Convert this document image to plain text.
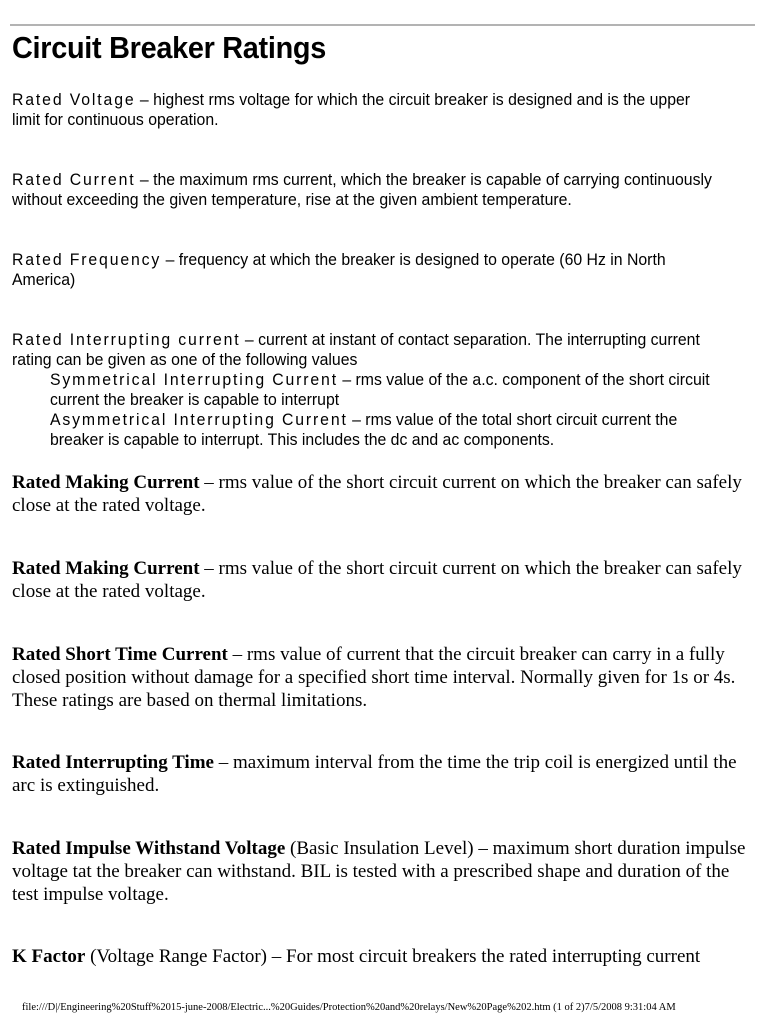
Circuit Breaker Ratings
Rated Voltage – highest rms voltage for which the circuit breaker is designed and is the upper limit for continuous operation.
Rated Current – the maximum rms current, which the breaker is capable of carrying continuously without exceeding the given temperature, rise at the given ambient temperature.
Rated Frequency – frequency at which the breaker is designed to operate (60 Hz in North America)
Rated Interrupting current – current at instant of contact separation. The interrupting current rating can be given as one of the following values
Symmetrical Interrupting Current – rms value of the a.c. component of the short circuit current the breaker is capable to interrupt
Asymmetrical Interrupting Current – rms value of the total short circuit current the breaker is capable to interrupt. This includes the dc and ac components.
Rated Making Current – rms value of the short circuit current on which the breaker can safely close at the rated voltage.
Rated Making Current – rms value of the short circuit current on which the breaker can safely close at the rated voltage.
Rated Short Time Current – rms value of current that the circuit breaker can carry in a fully closed position without damage for a specified short time interval. Normally given for 1s or 4s. These ratings are based on thermal limitations.
Rated Interrupting Time – maximum interval from the time the trip coil is energized until the arc is extinguished.
Rated Impulse Withstand Voltage (Basic Insulation Level) – maximum short duration impulse voltage tat the breaker can withstand. BIL is tested with a prescribed shape and duration of the test impulse voltage.
K Factor (Voltage Range Factor) – For most circuit breakers the rated interrupting current
file:///D|/Engineering%20Stuff%2015-june-2008/Electric...%20Guides/Protection%20and%20relays/New%20Page%202.htm (1 of 2)7/5/2008 9:31:04 AM
